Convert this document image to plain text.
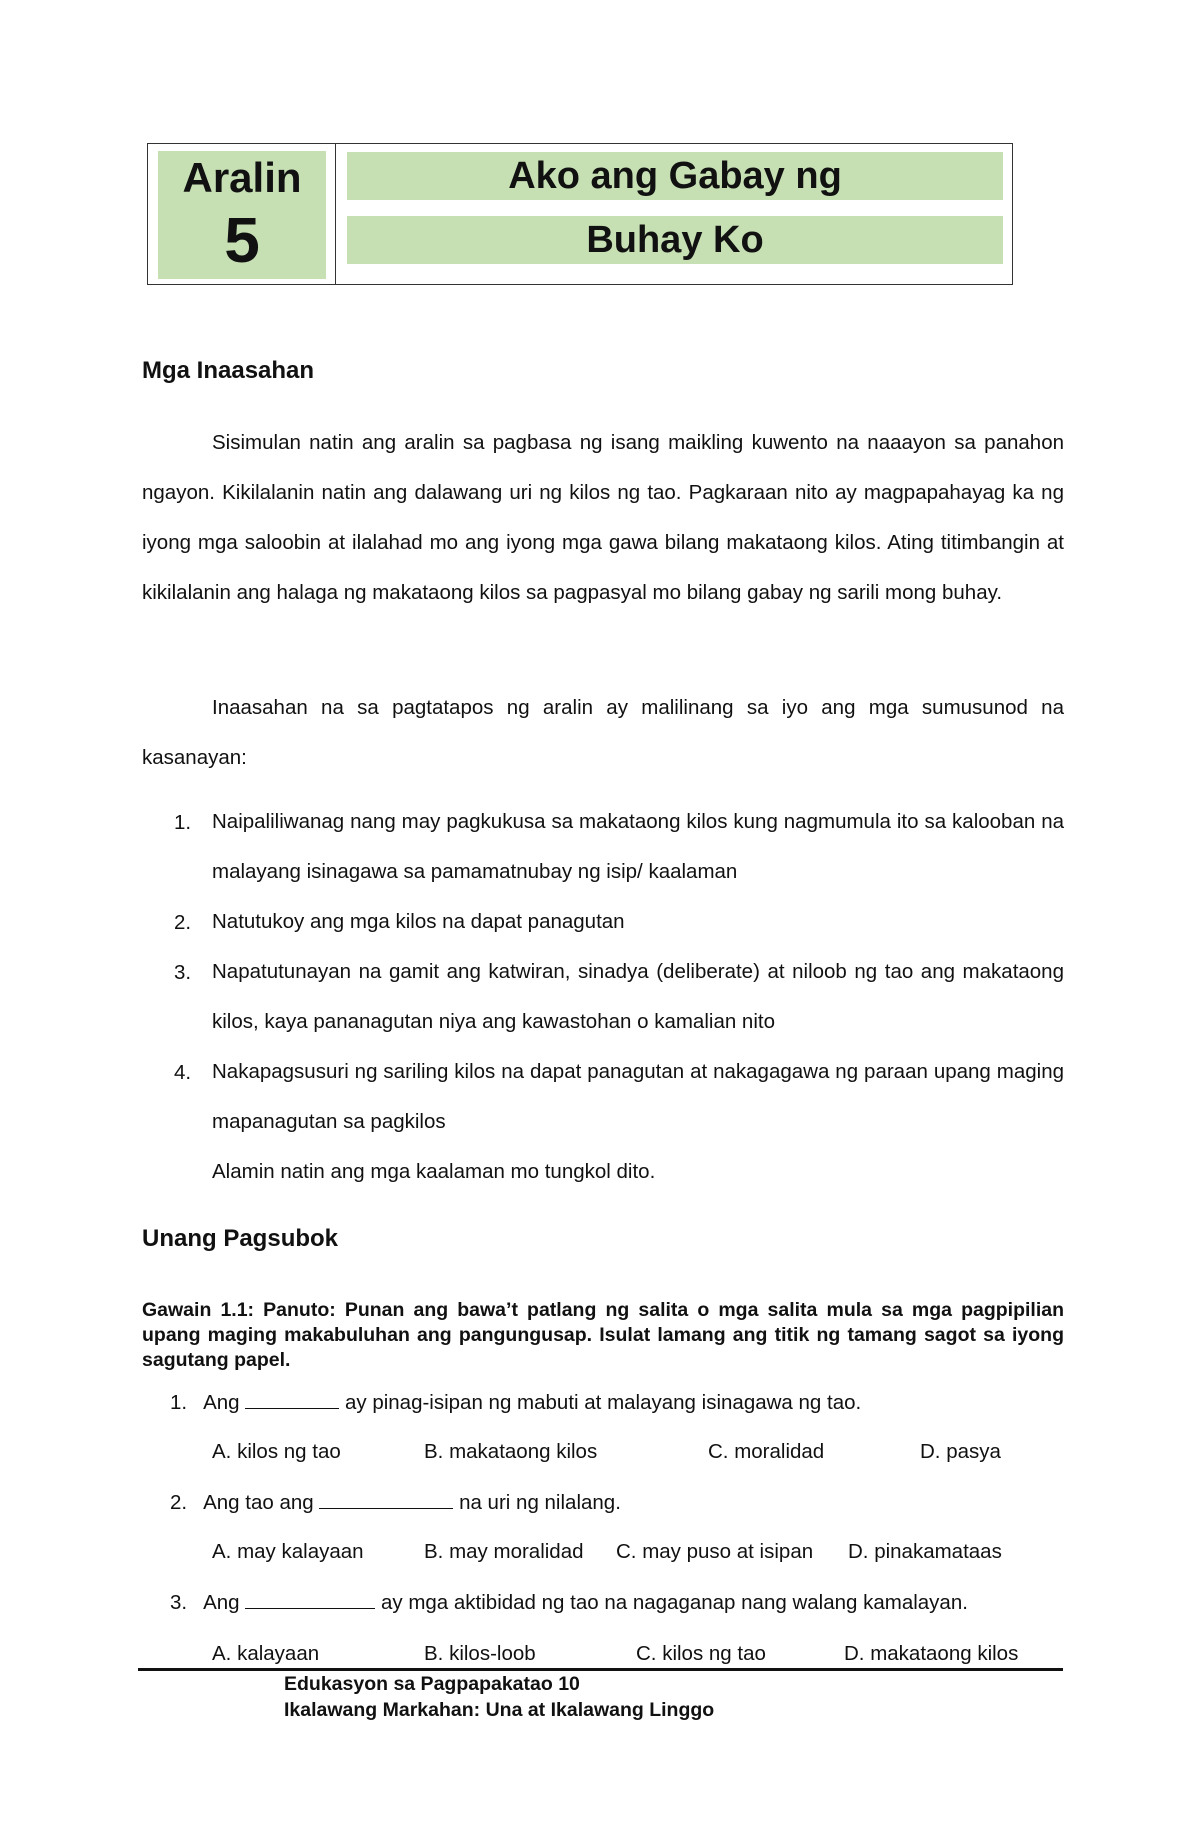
Aralin
5
Ako ang Gabay ng
Buhay Ko
Mga Inaasahan
Sisimulan natin ang aralin sa pagbasa ng isang maikling kuwento na naaayon sa panahon ngayon. Kikilalanin natin ang dalawang uri ng kilos ng tao. Pagkaraan nito ay magpapahayag ka ng iyong mga saloobin at ilalahad mo ang iyong mga gawa bilang makataong kilos. Ating titimbangin at kikilalanin ang halaga ng makataong kilos sa pagpasyal mo bilang gabay ng sarili mong buhay.
Inaasahan na sa pagtatapos ng aralin ay malilinang sa iyo ang mga sumusunod na kasanayan:
1. Naipaliliwanag nang may pagkukusa sa makataong kilos kung nagmumula ito sa kalooban na malayang isinagawa sa pamamatnubay ng isip/ kaalaman
2. Natutukoy ang mga kilos na dapat panagutan
3. Napatutunayan na gamit ang katwiran, sinadya (deliberate) at niloob ng tao ang makataong kilos, kaya pananagutan niya ang kawastohan o kamalian nito
4. Nakapagsusuri ng sariling kilos na dapat panagutan at nakagagawa ng paraan upang maging mapanagutan sa pagkilos
Alamin natin ang mga kaalaman mo tungkol dito.
Unang Pagsubok
Gawain 1.1: Panuto: Punan ang bawa’t patlang ng salita o mga salita mula sa mga pagpipilian upang maging makabuluhan ang pangungusap. Isulat lamang ang titik ng tamang sagot sa iyong sagutang papel.
1. Ang	ay pinag-isipan ng mabuti at malayang isinagawa ng tao.
A. kilos ng tao	B. makataong kilos	C. moralidad	D. pasya
2. Ang tao ang	na uri ng nilalang.
A. may kalayaan	B. may moralidad C. may puso at isipan D. pinakamataas
3. Ang	ay mga aktibidad ng tao na nagaganap nang walang kamalayan.
A. kalayaan	B. kilos-loob	C. kilos ng tao	D. makataong kilos
Edukasyon sa Pagpapakatao 10
Ikalawang Markahan: Una at Ikalawang Linggo
